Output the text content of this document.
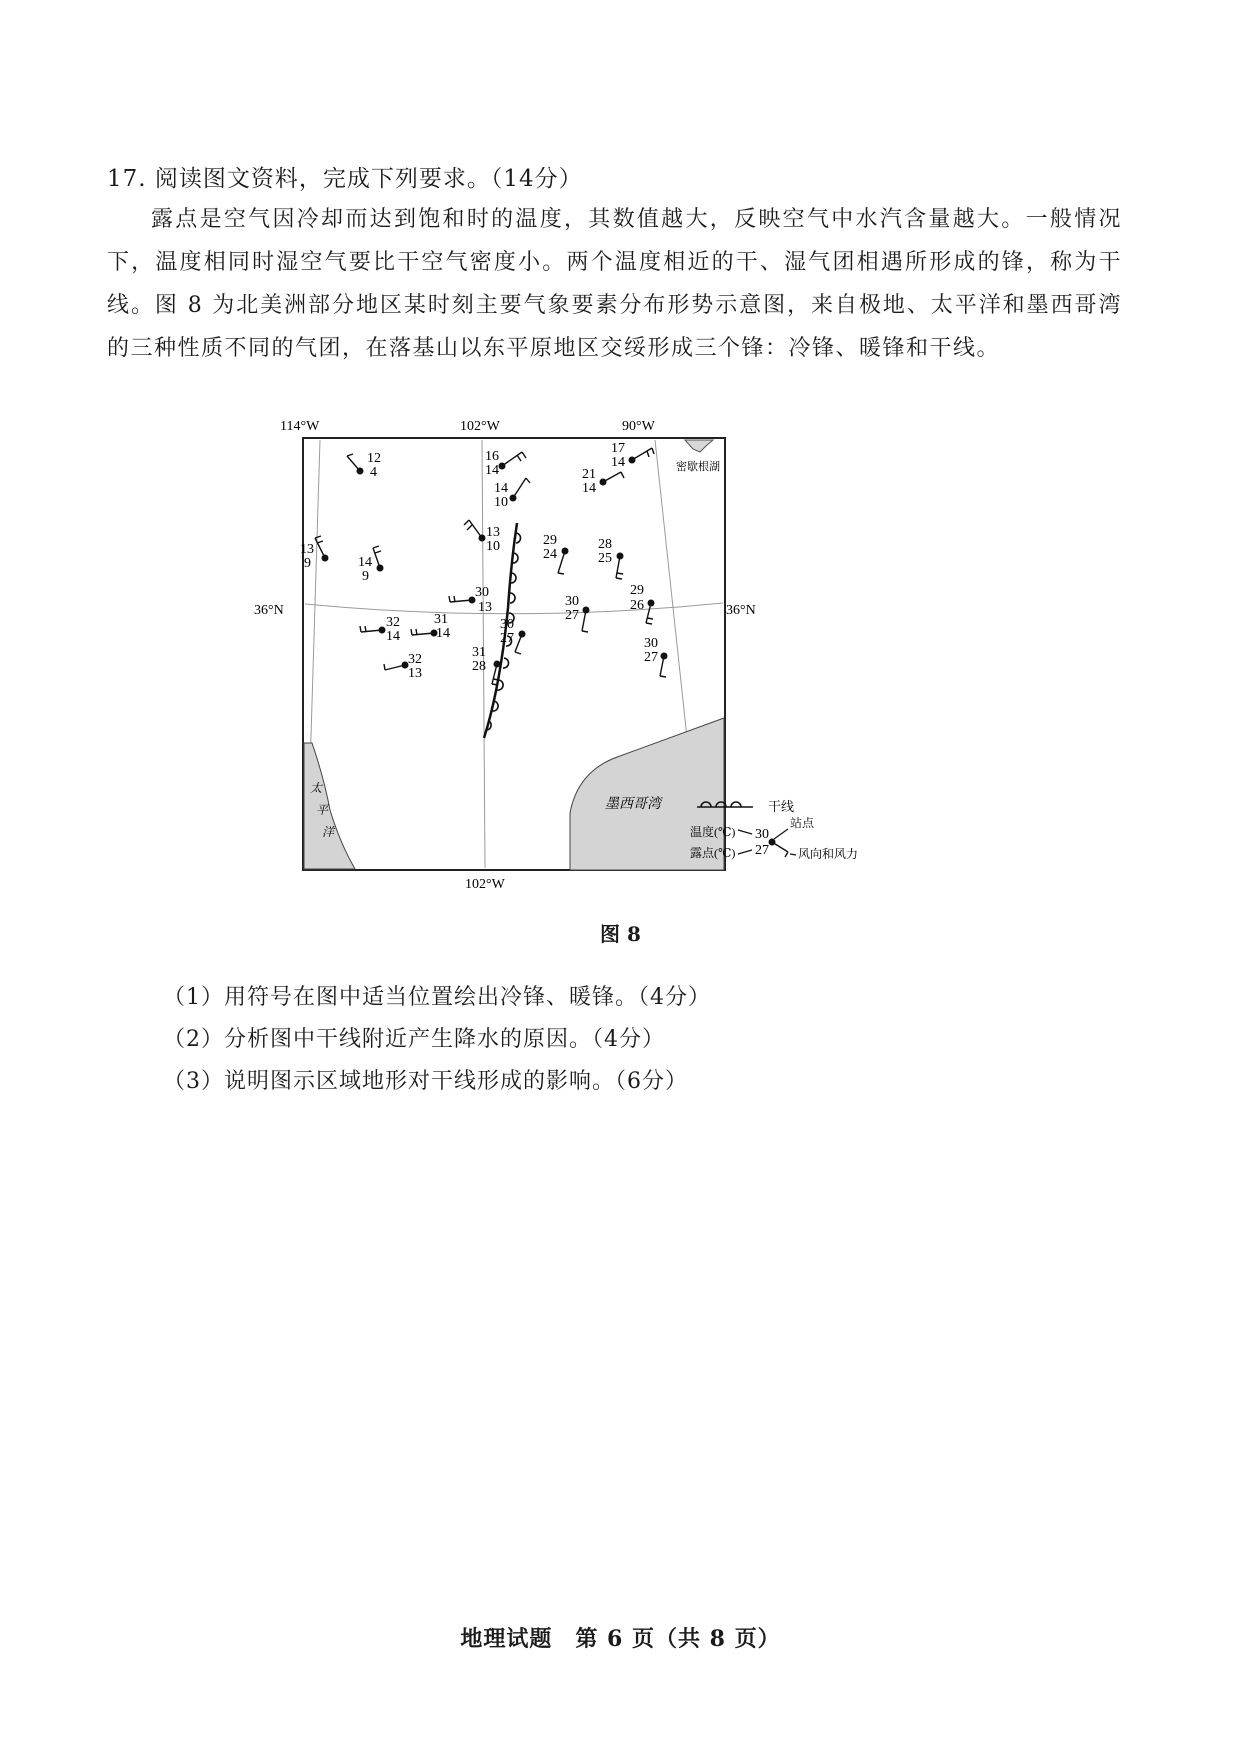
17. 阅读图文资料，完成下列要求。（14分）

露点是空气因冷却而达到饱和时的温度，其数值越大，反映空气中水汽含量越大。一般情况下，温度相同时湿空气要比干空气密度小。两个温度相近的干、湿气团相遇所形成的锋，称为干线。图 8 为北美洲部分地区某时刻主要气象要素分布形势示意图，来自极地、太平洋和墨西哥湾的三种性质不同的气团，在落基山以东平原地区交绥形成三个锋：冷锋、暖锋和干线。

114°W	102°W	90°W
102°W
36°N	36°N
密歇根湖
墨西哥湾
太
平
洋
12
4
16
14
17
14
21
14
14
10
13
10
13
9	14
9
29
24
28
25
30
13
29
26
30
27
30
27
32
14
31
14
30
27
32
13
31
28
干线
温度(℃) 30
露点(℃) 27
站点
风向和风力
图 8
（1）用符号在图中适当位置绘出冷锋、暖锋。（4分）
（2）分析图中干线附近产生降水的原因。（4分）
（3）说明图示区域地形对干线形成的影响。（6分）
地理试题　第 6 页（共 8 页）
